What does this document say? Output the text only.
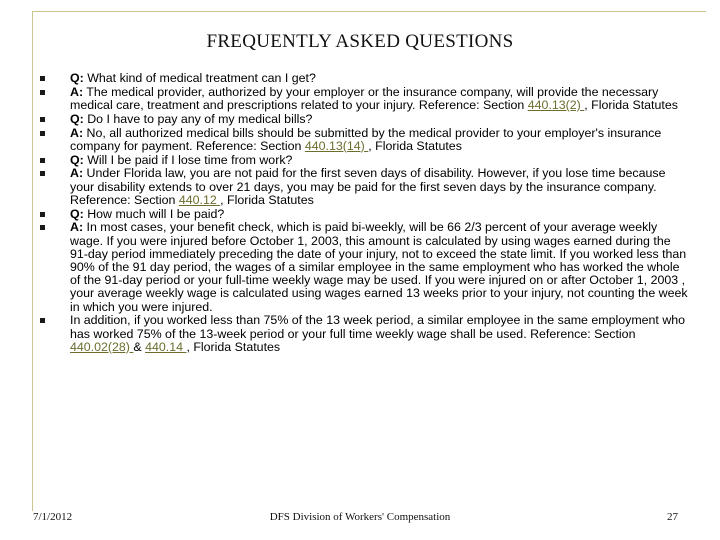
FREQUENTLY ASKED QUESTIONS
Q: What kind of medical treatment can I get?
A: The medical provider, authorized by your employer or the insurance company, will provide the necessary medical care, treatment and prescriptions related to your injury. Reference: Section 440.13(2) , Florida Statutes
Q: Do I have to pay any of my medical bills?
A: No, all authorized medical bills should be submitted by the medical provider to your employer's insurance company for payment. Reference: Section 440.13(14) , Florida Statutes
Q: Will I be paid if I lose time from work?
A: Under Florida law, you are not paid for the first seven days of disability. However, if you lose time because your disability extends to over 21 days, you may be paid for the first seven days by the insurance company. Reference: Section 440.12 , Florida Statutes
Q: How much will I be paid?
A: In most cases, your benefit check, which is paid bi-weekly, will be 66 2/3 percent of your average weekly wage. If you were injured before October 1, 2003, this amount is calculated by using wages earned during the 91-day period immediately preceding the date of your injury, not to exceed the state limit. If you worked less than 90% of the 91 day period, the wages of a similar employee in the same employment who has worked the whole of the 91-day period or your full-time weekly wage may be used. If you were injured on or after October 1, 2003 , your average weekly wage is calculated using wages earned 13 weeks prior to your injury, not counting the week in which you were injured.
In addition, if you worked less than 75% of the 13 week period, a similar employee in the same employment who has worked 75% of the 13-week period or your full time weekly wage shall be used. Reference: Section 440.02(28) & 440.14 , Florida Statutes
7/1/2012	DFS Division of Workers' Compensation	27
